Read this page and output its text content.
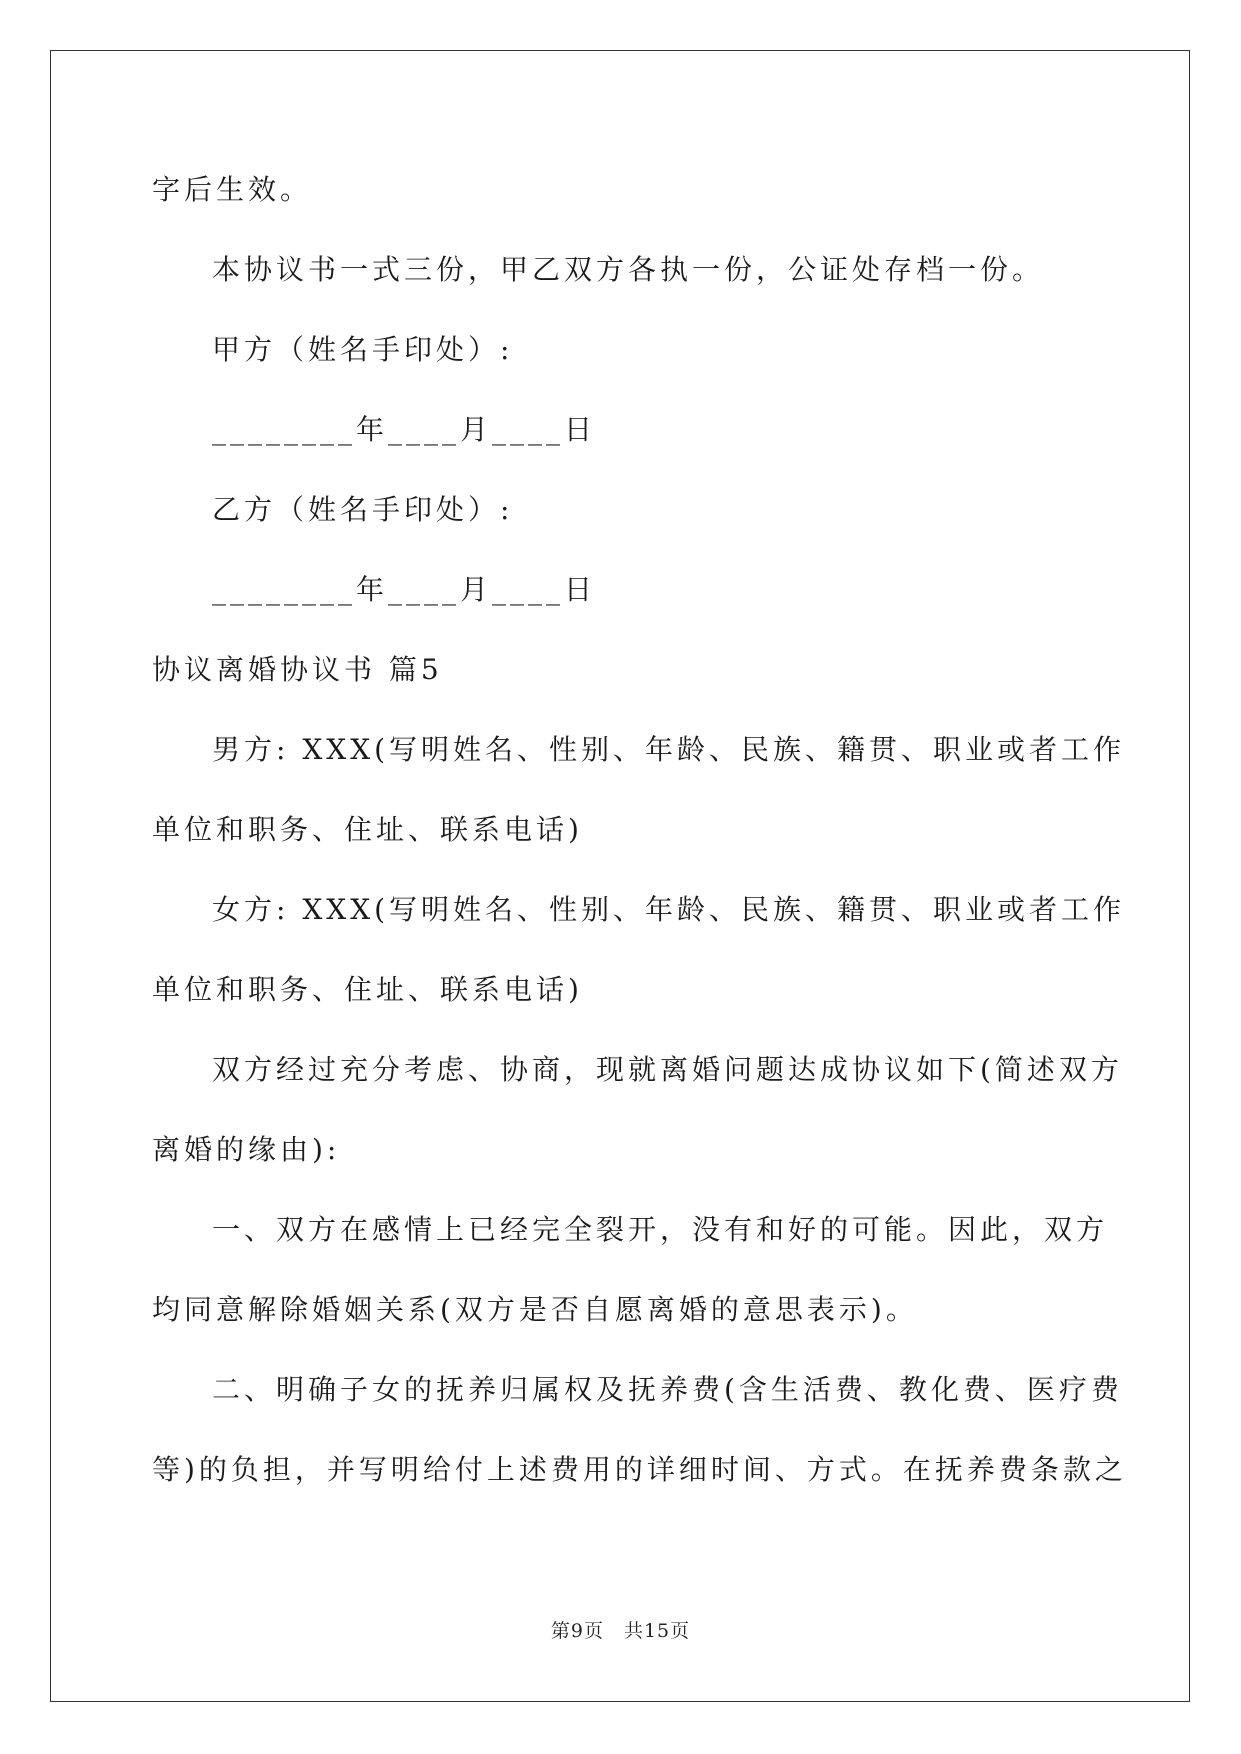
字后生效。
本协议书一式三份，甲乙双方各执一份，公证处存档一份。
甲方（姓名手印处）:
________年____月____日
乙方（姓名手印处）:
________年____月____日
协议离婚协议书 篇5
男方: XXX(写明姓名、性别、年龄、民族、籍贯、职业或者工作
单位和职务、住址、联系电话)
女方: XXX(写明姓名、性别、年龄、民族、籍贯、职业或者工作
单位和职务、住址、联系电话)
双方经过充分考虑、协商，现就离婚问题达成协议如下(简述双方
离婚的缘由):
一、双方在感情上已经完全裂开，没有和好的可能。因此，双方
均同意解除婚姻关系(双方是否自愿离婚的意思表示)。
二、明确子女的抚养归属权及抚养费(含生活费、教化费、医疗费
等)的负担，并写明给付上述费用的详细时间、方式。在抚养费条款之
第9页　共15页
